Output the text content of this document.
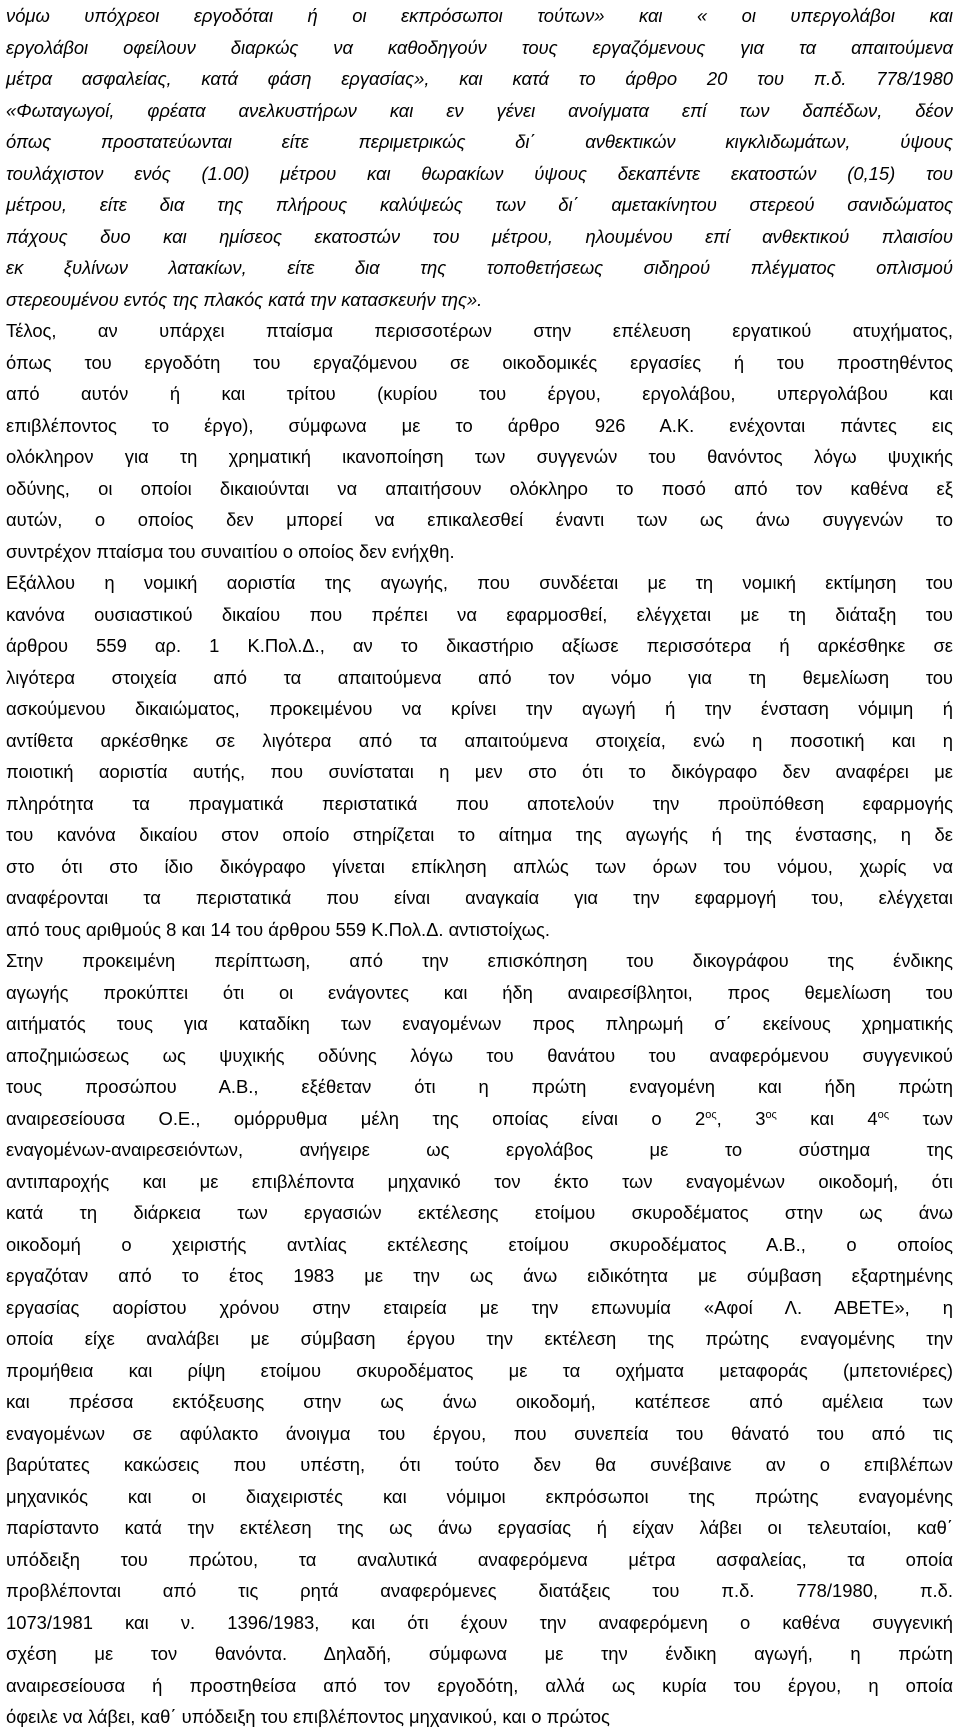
νόμω υπόχρεοι εργοδόται ή οι εκπρόσωποι τούτων» και « οι υπεργολάβοι και
εργολάβοι οφείλουν διαρκώς να καθοδηγούν τους εργαζόμενους για τα απαιτούμενα
μέτρα ασφαλείας, κατά φάση εργασίας», και κατά το άρθρο 20 του π.δ. 778/1980
«Φωταγωγοί, φρέατα ανελκυστήρων και εν γένει ανοίγματα επί των δαπέδων, δέον
όπως προστατεύωνται είτε περιμετρικώς δι΄ ανθεκτικών κιγκλιδωμάτων, ύψους
τουλάχιστον ενός (1.00) μέτρου και θωρακίων ύψους δεκαπέντε εκατοστών (0,15) του
μέτρου, είτε δια της πλήρους καλύψεώς των δι΄ αμετακίνητου στερεού σανιδώματος
πάχους δυο και ημίσεος εκατοστών του μέτρου, ηλουμένου επί ανθεκτικού πλαισίου
εκ ξυλίνων λατακίων, είτε δια της τοποθετήσεως σιδηρού πλέγματος οπλισμού
στερεουμένου εντός της πλακός κατά την κατασκευήν της».
Τέλος, αν υπάρχει πταίσμα περισσοτέρων στην επέλευση εργατικού ατυχήματος,
όπως του εργοδότη του εργαζόμενου σε οικοδομικές εργασίες ή του προστηθέντος
από αυτόν ή και τρίτου (κυρίου του έργου, εργολάβου, υπεργολάβου και
επιβλέποντος το έργο), σύμφωνα με το άρθρο 926 Α.Κ. ενέχονται πάντες εις
ολόκληρον για τη χρηματική ικανοποίηση των συγγενών του θανόντος λόγω ψυχικής
οδύνης, οι οποίοι δικαιούνται να απαιτήσουν ολόκληρο το ποσό από τον καθένα εξ
αυτών, ο οποίος δεν μπορεί να επικαλεσθεί έναντι των ως άνω συγγενών το
συντρέχον πταίσμα του συναιτίου ο οποίος δεν ενήχθη.
Εξάλλου η νομική αοριστία της αγωγής, που συνδέεται με τη νομική εκτίμηση του
κανόνα ουσιαστικού δικαίου που πρέπει να εφαρμοσθεί, ελέγχεται με τη διάταξη του
άρθρου 559 αρ. 1 Κ.Πολ.Δ., αν το δικαστήριο αξίωσε περισσότερα ή αρκέσθηκε σε
λιγότερα στοιχεία από τα απαιτούμενα από τον νόμο για τη θεμελίωση του
ασκούμενου δικαιώματος, προκειμένου να κρίνει την αγωγή ή την ένσταση νόμιμη ή
αντίθετα αρκέσθηκε σε λιγότερα από τα απαιτούμενα στοιχεία, ενώ η ποσοτική και η
ποιοτική αοριστία αυτής, που συνίσταται η μεν στο ότι το δικόγραφο δεν αναφέρει με
πληρότητα τα πραγματικά περιστατικά που αποτελούν την προϋπόθεση εφαρμογής
του κανόνα δικαίου στον οποίο στηρίζεται το αίτημα της αγωγής ή της ένστασης, η δε
στο ότι στο ίδιο δικόγραφο γίνεται επίκληση απλώς των όρων του νόμου, χωρίς να
αναφέρονται τα περιστατικά που είναι αναγκαία για την εφαρμογή του, ελέγχεται
από τους αριθμούς 8 και 14 του άρθρου 559 Κ.Πολ.Δ. αντιστοίχως.
Στην προκειμένη περίπτωση, από την επισκόπηση του δικογράφου της ένδικης
αγωγής προκύπτει ότι οι ενάγοντες και ήδη αναιρεσίβλητοι, προς θεμελίωση του
αιτήματός τους για καταδίκη των εναγομένων προς πληρωμή σ΄ εκείνους χρηματικής
αποζημιώσεως ως ψυχικής οδύνης λόγω του θανάτου του αναφερόμενου συγγενικού
τους προσώπου Α.Β., εξέθεταν ότι η πρώτη εναγομένη και ήδη πρώτη
αναιρεσείουσα Ο.Ε., ομόρρυθμα μέλη της οποίας είναι ο $2^{o\varsigma}$, $3^{o\varsigma}$ και $4^{o\varsigma}$ των
εναγομένων-αναιρεσειόντων, ανήγειρε ως εργολάβος με το σύστημα της
αντιπαροχής και με επιβλέποντα μηχανικό τον έκτο των εναγομένων οικοδομή, ότι
κατά τη διάρκεια των εργασιών εκτέλεσης ετοίμου σκυροδέματος στην ως άνω
οικοδομή ο χειριστής αντλίας εκτέλεσης ετοίμου σκυροδέματος Α.Β., ο οποίος
εργαζόταν από το έτος 1983 με την ως άνω ειδικότητα με σύμβαση εξαρτημένης
εργασίας αορίστου χρόνου στην εταιρεία με την επωνυμία «Αφοί Λ. ΑΒΕΤΕ», η
οποία είχε αναλάβει με σύμβαση έργου την εκτέλεση της πρώτης εναγομένης την
προμήθεια και ρίψη ετοίμου σκυροδέματος με τα οχήματα μεταφοράς (μπετονιέρες)
και πρέσσα εκτόξευσης στην ως άνω οικοδομή, κατέπεσε από αμέλεια των
εναγομένων σε αφύλακτο άνοιγμα του έργου, που συνεπεία του θάνατό του από τις
βαρύτατες κακώσεις που υπέστη, ότι τούτο δεν θα συνέβαινε αν ο επιβλέπων
μηχανικός και οι διαχειριστές και νόμιμοι εκπρόσωποι της πρώτης εναγομένης
παρίσταντο κατά την εκτέλεση της ως άνω εργασίας ή είχαν λάβει οι τελευταίοι, καθ΄
υπόδειξη του πρώτου, τα αναλυτικά αναφερόμενα μέτρα ασφαλείας, τα οποία
προβλέπονται από τις ρητά αναφερόμενες διατάξεις του π.δ. 778/1980, π.δ.
1073/1981 και ν. 1396/1983, και ότι έχουν την αναφερόμενη ο καθένα συγγενική
σχέση με τον θανόντα. Δηλαδή, σύμφωνα με την ένδικη αγωγή, η πρώτη
αναιρεσείουσα ή προστηθείσα από τον εργοδότη, αλλά ως κυρία του έργου, η οποία
όφειλε να λάβει, καθ΄ υπόδειξη του επιβλέποντος μηχανικού, και ο πρώτος
